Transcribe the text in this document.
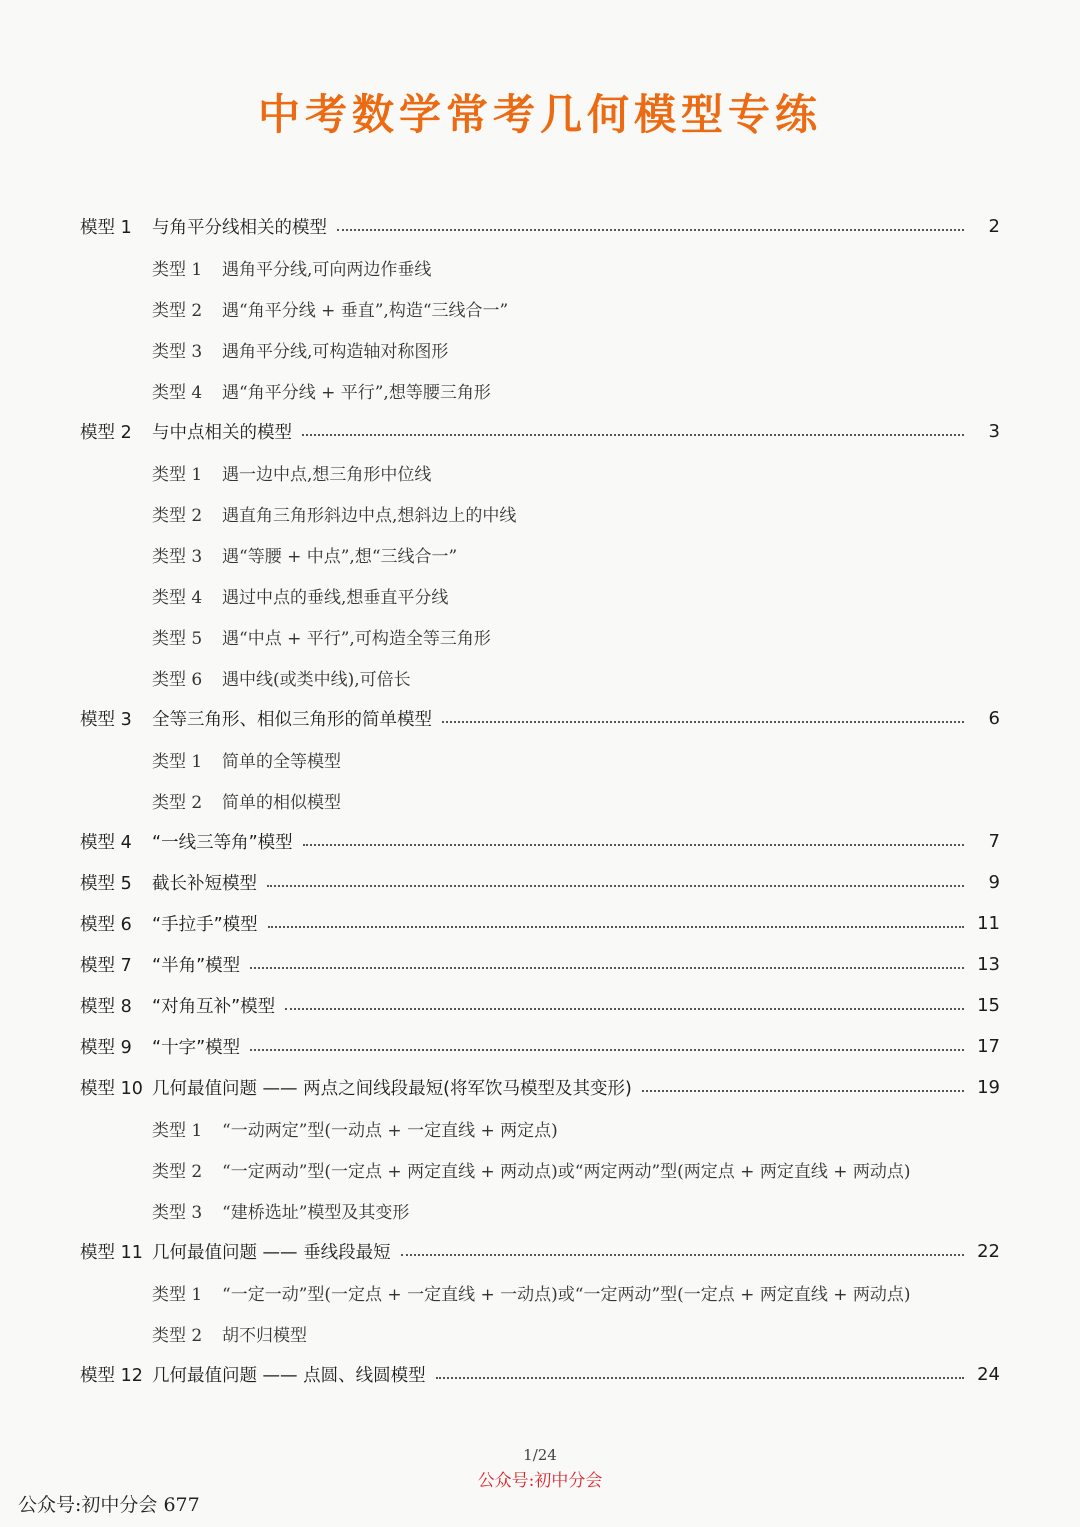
中考数学常考几何模型专练
模型 1	与角平分线相关的模型	2
类型 1	遇角平分线,可向两边作垂线
类型 2	遇“角平分线 + 垂直”,构造“三线合一”
类型 3	遇角平分线,可构造轴对称图形
类型 4	遇“角平分线 + 平行”,想等腰三角形
模型 2	与中点相关的模型	3
类型 1	遇一边中点,想三角形中位线
类型 2	遇直角三角形斜边中点,想斜边上的中线
类型 3	遇“等腰 + 中点”,想“三线合一”
类型 4	遇过中点的垂线,想垂直平分线
类型 5	遇“中点 + 平行”,可构造全等三角形
类型 6	遇中线(或类中线),可倍长
模型 3	全等三角形、相似三角形的简单模型	6
类型 1	简单的全等模型
类型 2	简单的相似模型
模型 4	“一线三等角”模型	7
模型 5	截长补短模型	9
模型 6	“手拉手”模型	11
模型 7	“半角”模型	13
模型 8	“对角互补”模型	15
模型 9	“十字”模型	17
模型 10 几何最值问题 —— 两点之间线段最短(将军饮马模型及其变形)	19
类型 1	“一动两定”型(一动点 + 一定直线 + 两定点)
类型 2	“一定两动”型(一定点 + 两定直线 + 两动点)或“两定两动”型(两定点 + 两定直线 + 两动点)
类型 3	“建桥选址”模型及其变形
模型 11 几何最值问题 —— 垂线段最短	22
类型 1	“一定一动”型(一定点 + 一定直线 + 一动点)或“一定两动”型(一定点 + 两定直线 + 两动点)
类型 2	胡不归模型
模型 12 几何最值问题 —— 点圆、线圆模型	24
1/24
公众号:初中分会
公众号:初中分会 677
